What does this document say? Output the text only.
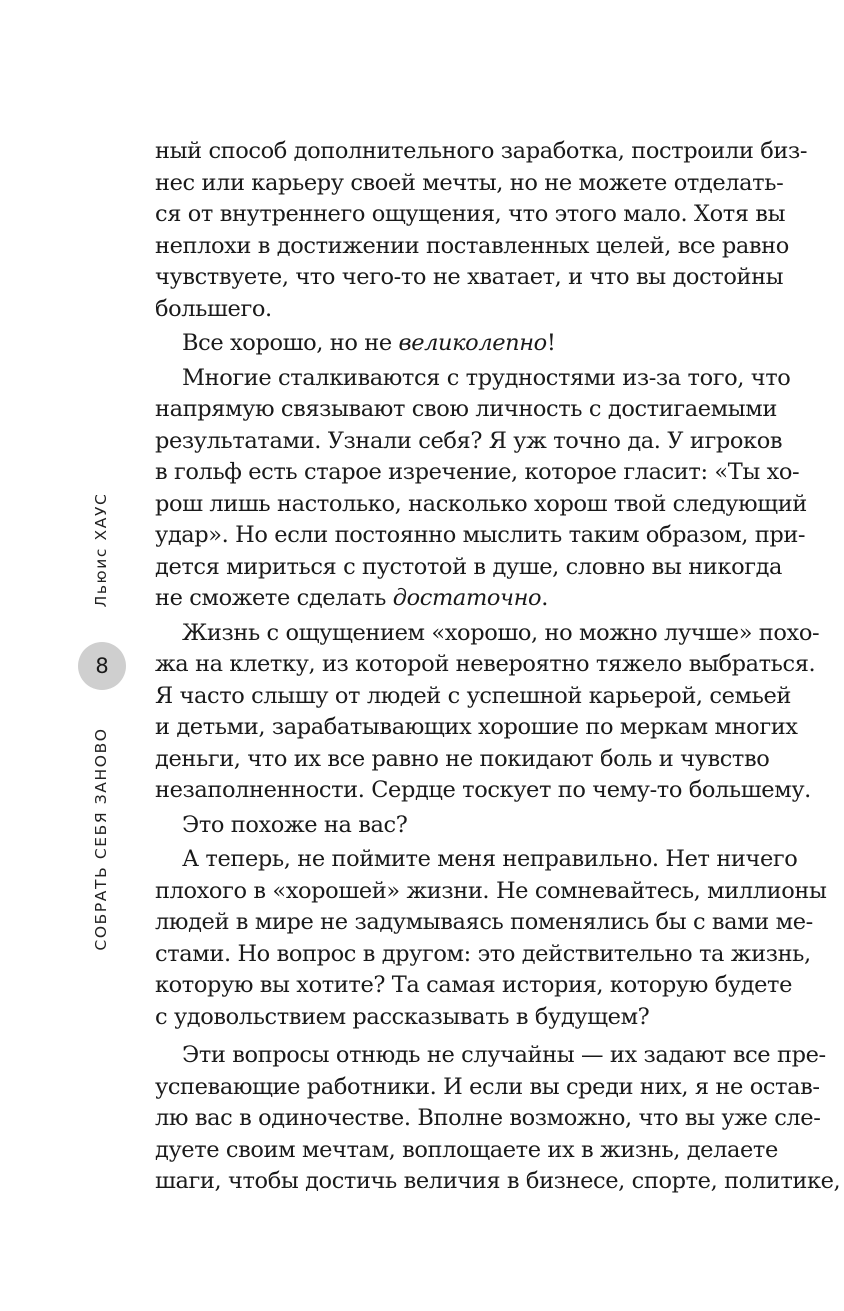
Льюис ХАУС
8
СОБРАТЬ СЕБЯ ЗАНОВО
ный способ дополнительного заработка, построили биз-
нес или карьеру своей мечты, но не можете отделать-
ся от внутреннего ощущения, что этого мало. Хотя вы
неплохи в достижении поставленных целей, все равно
чувствуете, что чего-то не хватает, и что вы достойны
большего.
Все хорошо, но не великолепно!
Многие сталкиваются с трудностями из-за того, что
напрямую связывают свою личность с достигаемыми
результатами. Узнали себя? Я уж точно да. У игроков
в гольф есть старое изречение, которое гласит: «Ты хо-
рош лишь настолько, насколько хорош твой следующий
удар». Но если постоянно мыслить таким образом, при-
дется мириться с пустотой в душе, словно вы никогда
не сможете сделать достаточно.
Жизнь с ощущением «хорошо, но можно лучше» похо-
жа на клетку, из которой невероятно тяжело выбраться.
Я часто слышу от людей с успешной карьерой, семьей
и детьми, зарабатывающих хорошие по меркам многих
деньги, что их все равно не покидают боль и чувство
незаполненности. Сердце тоскует по чему-то большему.
Это похоже на вас?
А теперь, не поймите меня неправильно. Нет ничего
плохого в «хорошей» жизни. Не сомневайтесь, миллионы
людей в мире не задумываясь поменялись бы с вами ме-
стами. Но вопрос в другом: это действительно та жизнь,
которую вы хотите? Та самая история, которую будете
с удовольствием рассказывать в будущем?
Эти вопросы отнюдь не случайны — их задают все пре-
успевающие работники. И если вы среди них, я не остав-
лю вас в одиночестве. Вполне возможно, что вы уже сле-
дуете своим мечтам, воплощаете их в жизнь, делаете
шаги, чтобы достичь величия в бизнесе, спорте, политике,
